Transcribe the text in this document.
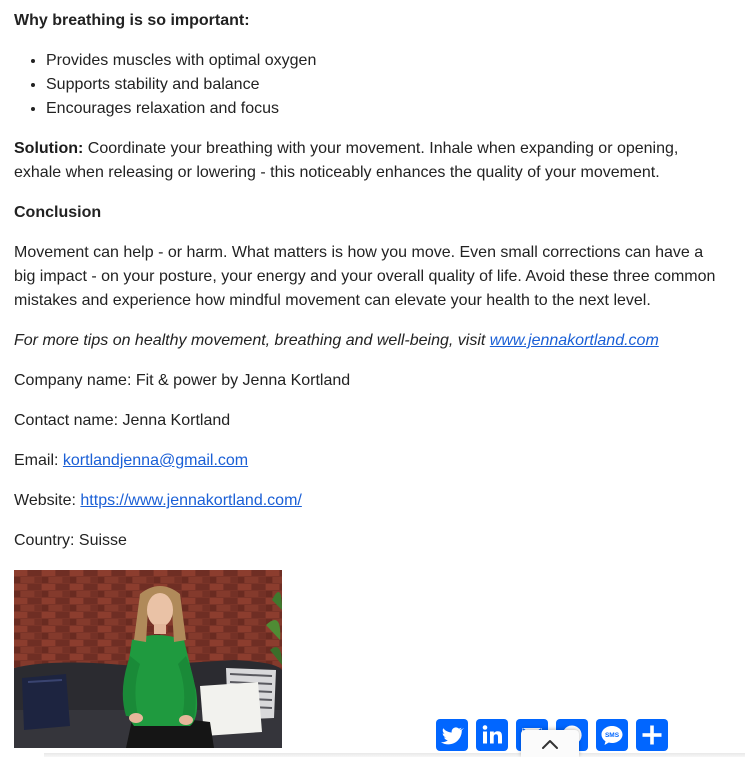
Why breathing is so important:

• Provides muscles with optimal oxygen
• Supports stability and balance
• Encourages relaxation and focus

Solution: Coordinate your breathing with your movement. Inhale when expanding or opening, exhale when releasing or lowering - this noticeably enhances the quality of your movement.

Conclusion

Movement can help - or harm. What matters is how you move. Even small corrections can have a big impact - on your posture, your energy and your overall quality of life. Avoid these three common mistakes and experience how mindful movement can elevate your health to the next level.

For more tips on healthy movement, breathing and well-being, visit www.jennakortland.com

Company name: Fit & power by Jenna Kortland

Contact name: Jenna Kortland

Email: kortlandjenna@gmail.com

Website: https://www.jennakortland.com/

Country: Suisse

SMS
